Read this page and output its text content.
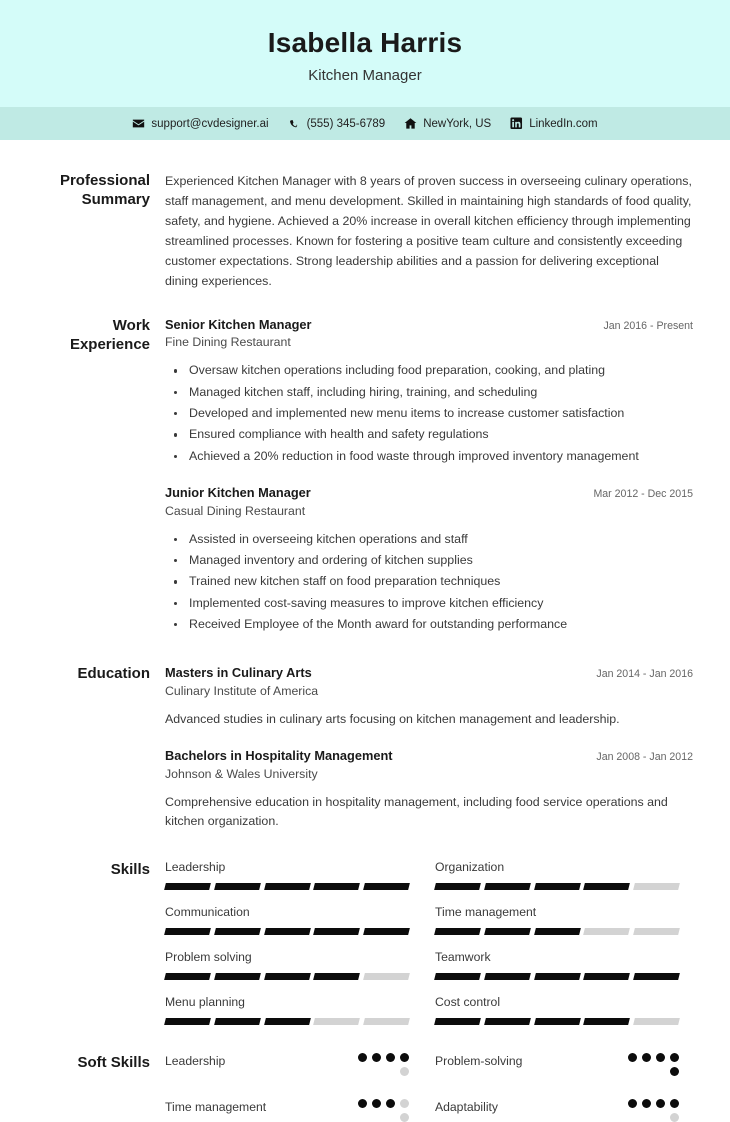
Isabella Harris
Kitchen Manager
support@cvdesigner.ai	(555) 345-6789	NewYork, US	LinkedIn.com
Professional
Summary
Experienced Kitchen Manager with 8 years of proven success in overseeing culinary operations, staff management, and menu development. Skilled in maintaining high standards of food quality, safety, and hygiene. Achieved a 20% increase in overall kitchen efficiency through implementing streamlined processes. Known for fostering a positive team culture and consistently exceeding customer expectations. Strong leadership abilities and a passion for delivering exceptional dining experiences.
Work
Experience
Senior Kitchen Manager	Jan 2016 - Present
Fine Dining Restaurant
Oversaw kitchen operations including food preparation, cooking, and plating
Managed kitchen staff, including hiring, training, and scheduling
Developed and implemented new menu items to increase customer satisfaction
Ensured compliance with health and safety regulations
Achieved a 20% reduction in food waste through improved inventory management
Junior Kitchen Manager	Mar 2012 - Dec 2015
Casual Dining Restaurant
Assisted in overseeing kitchen operations and staff
Managed inventory and ordering of kitchen supplies
Trained new kitchen staff on food preparation techniques
Implemented cost-saving measures to improve kitchen efficiency
Received Employee of the Month award for outstanding performance
Education	Masters in Culinary Arts	Jan 2014 - Jan 2016
Culinary Institute of America
Advanced studies in culinary arts focusing on kitchen management and leadership.
Bachelors in Hospitality Management	Jan 2008 - Jan 2012
Johnson & Wales University
Comprehensive education in hospitality management, including food service operations and kitchen organization.
Skills	Leadership	Organization
Communication	Time management
Problem solving	Teamwork
Menu planning	Cost control
Soft Skills	Leadership	Problem-solving
Time management	Adaptability
